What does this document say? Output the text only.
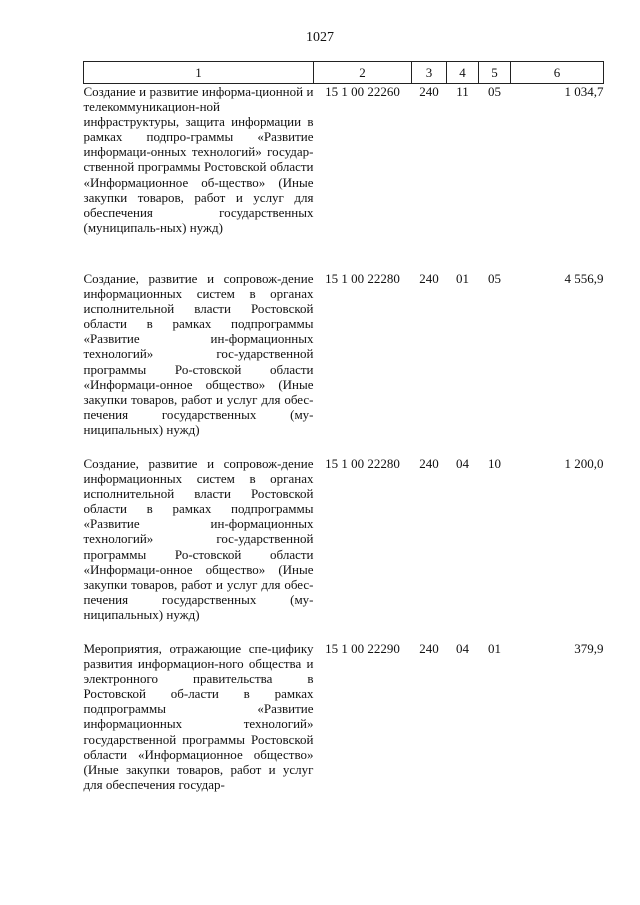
1027
1	2	3	4	5	6
Создание и развитие информа-ционной и телекоммуникацион-ной инфраструктуры, защита информации в рамках подпро-граммы «Развитие информаци-онных технологий» государ-ственной программы Ростовской области «Информационное об-щество» (Иные закупки товаров, работ и услуг для обеспечения государственных (муниципаль-ных) нужд)	15 1 00 22260	240	11	05	1 034,7
Создание, развитие и сопровож-дение информационных систем в органах исполнительной власти Ростовской области в рамках подпрограммы «Развитие ин-формационных технологий» гос-ударственной программы Ро-стовской области «Информаци-онное общество» (Иные закупки товаров, работ и услуг для обес-печения государственных (му-ниципальных) нужд)	15 1 00 22280	240	01	05	4 556,9
Создание, развитие и сопровож-дение информационных систем в органах исполнительной власти Ростовской области в рамках подпрограммы «Развитие ин-формационных технологий» гос-ударственной программы Ро-стовской области «Информаци-онное общество» (Иные закупки товаров, работ и услуг для обес-печения государственных (му-ниципальных) нужд)	15 1 00 22280	240	04	10	1 200,0
Мероприятия, отражающие спе-цифику развития информацион-ного общества и электронного правительства в Ростовской об-ласти в рамках подпрограммы «Развитие информационных технологий» государственной программы Ростовской области «Информационное общество» (Иные закупки товаров, работ и услуг для обеспечения государ-	15 1 00 22290	240	04	01	379,9
